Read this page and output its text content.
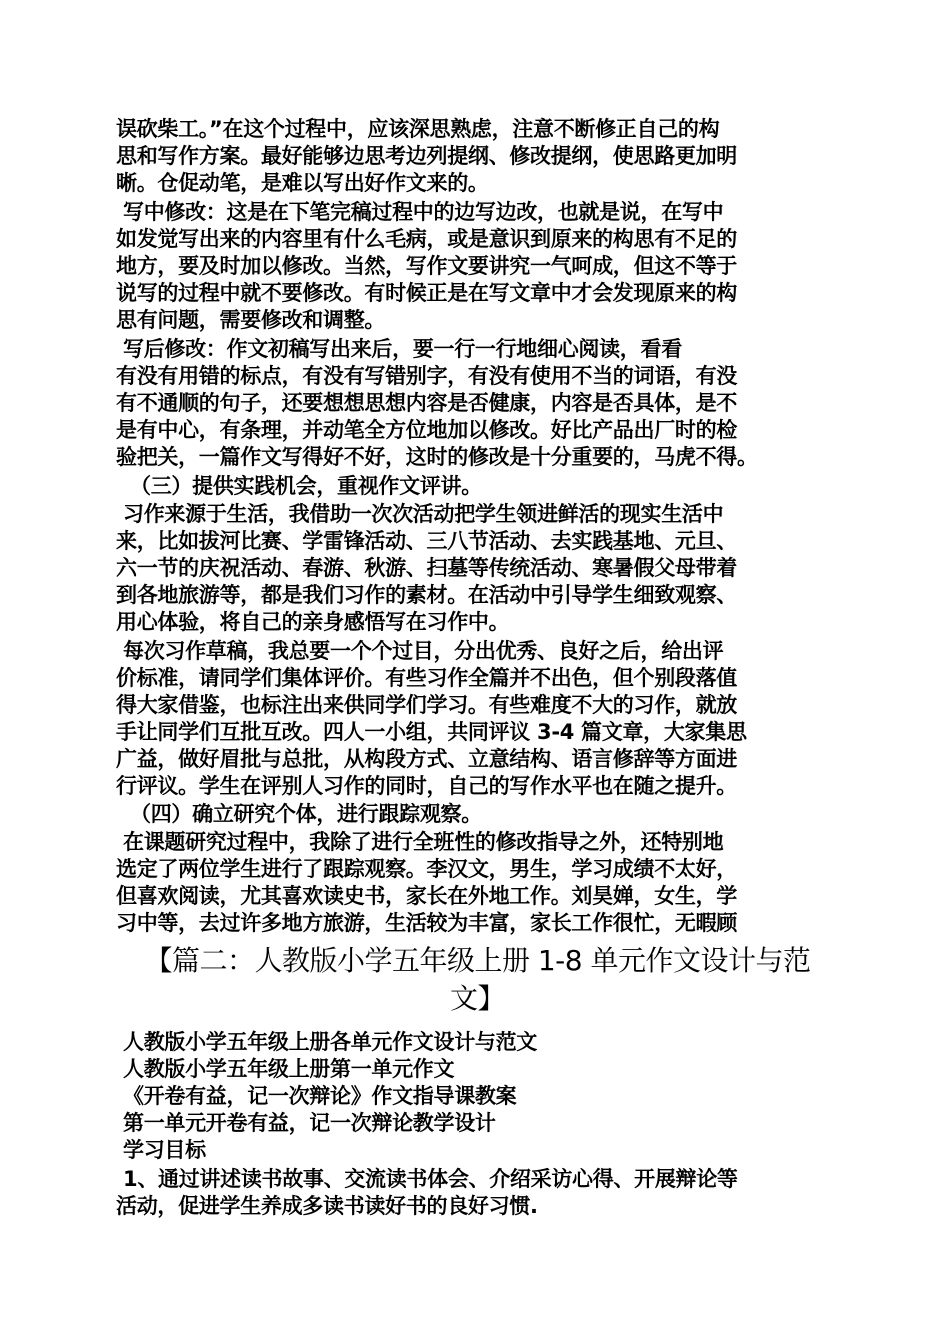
误砍柴工。”在这个过程中，应该深思熟虑，注意不断修正自己的构
思和写作方案。最好能够边思考边列提纲、修改提纲，使思路更加明
晰。仓促动笔，是难以写出好作文来的。
写中修改：这是在下笔完稿过程中的边写边改，也就是说，在写中
如发觉写出来的内容里有什么毛病，或是意识到原来的构思有不足的
地方，要及时加以修改。当然，写作文要讲究一气呵成，但这不等于
说写的过程中就不要修改。有时候正是在写文章中才会发现原来的构
思有问题，需要修改和调整。
写后修改：作文初稿写出来后，要一行一行地细心阅读，看看
有没有用错的标点，有没有写错别字，有没有使用不当的词语，有没
有不通顺的句子，还要想想思想内容是否健康，内容是否具体，是不
是有中心，有条理，并动笔全方位地加以修改。好比产品出厂时的检
验把关，一篇作文写得好不好，这时的修改是十分重要的，马虎不得。
（三）提供实践机会，重视作文评讲。
习作来源于生活，我借助一次次活动把学生领进鲜活的现实生活中
来，比如拔河比赛、学雷锋活动、三八节活动、去实践基地、元旦、
六一节的庆祝活动、春游、秋游、扫墓等传统活动、寒暑假父母带着
到各地旅游等，都是我们习作的素材。在活动中引导学生细致观察、
用心体验，将自己的亲身感悟写在习作中。
每次习作草稿，我总要一个个过目，分出优秀、良好之后，给出评
价标准，请同学们集体评价。有些习作全篇并不出色，但个别段落值
得大家借鉴，也标注出来供同学们学习。有些难度不大的习作，就放
手让同学们互批互改。四人一小组，共同评议 3-4 篇文章，大家集思
广益，做好眉批与总批，从构段方式、立意结构、语言修辞等方面进
行评议。学生在评别人习作的同时，自己的写作水平也在随之提升。
（四）确立研究个体，进行跟踪观察。
在课题研究过程中，我除了进行全班性的修改指导之外，还特别地
选定了两位学生进行了跟踪观察。李汉文，男生，学习成绩不太好，
但喜欢阅读，尤其喜欢读史书，家长在外地工作。刘昊婵，女生，学
习中等，去过许多地方旅游，生活较为丰富，家长工作很忙，无暇顾
【篇二：人教版小学五年级上册 1-8 单元作文设计与范
文】
人教版小学五年级上册各单元作文设计与范文
人教版小学五年级上册第一单元作文
《开卷有益，记一次辩论》作文指导课教案
第一单元开卷有益，记一次辩论教学设计
学习目标
1、通过讲述读书故事、交流读书体会、介绍采访心得、开展辩论等
活动，促进学生养成多读书读好书的良好习惯.
